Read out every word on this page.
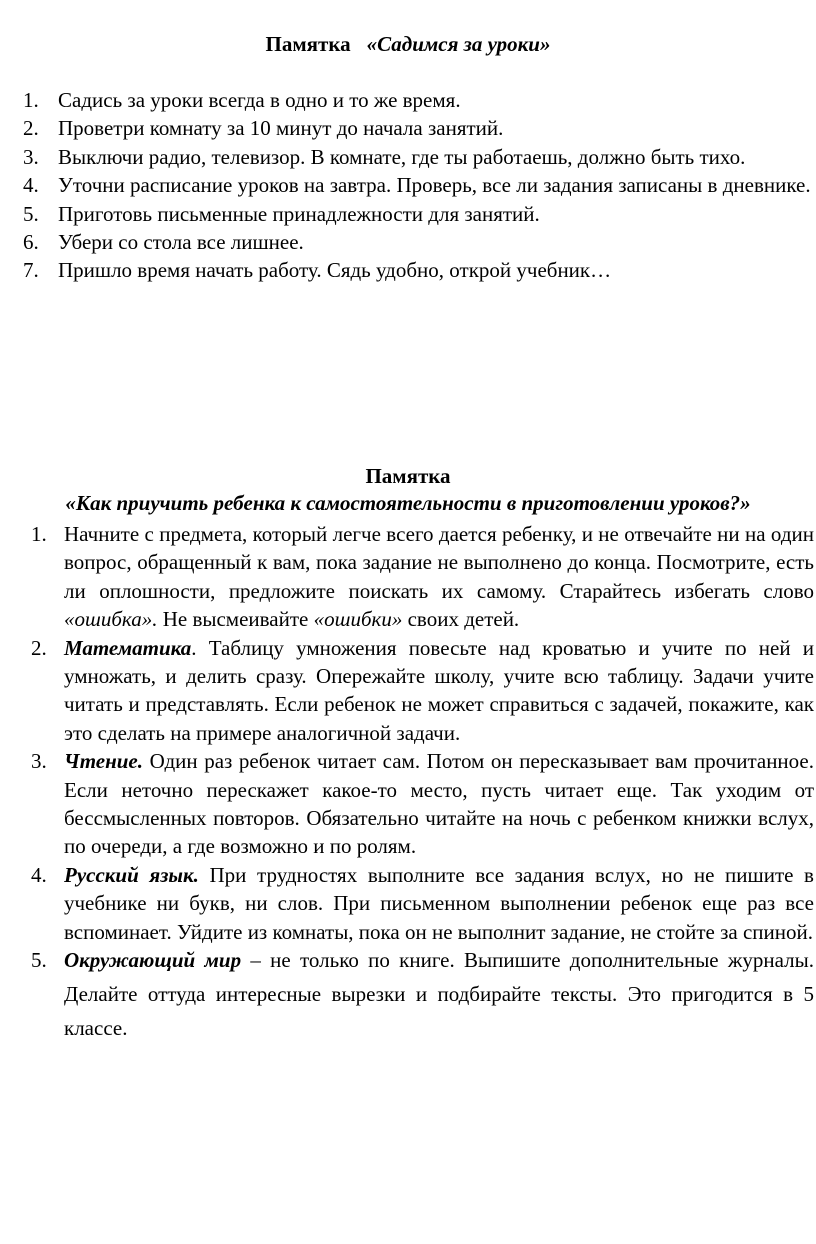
Памятка «Садимся за уроки»
1. Садись за уроки всегда в одно и то же время.
2. Проветри комнату за 10 минут до начала занятий.
3. Выключи радио, телевизор. В комнате, где ты работаешь, должно быть тихо.
4. Уточни расписание уроков на завтра. Проверь, все ли задания записаны в дневнике.
5. Приготовь письменные принадлежности для занятий.
6. Убери со стола все лишнее.
7. Пришло время начать работу. Сядь удобно, открой учебник…
Памятка
«Как приучить ребенка к самостоятельности в приготовлении уроков?»
1. Начните с предмета, который легче всего дается ребенку, и не отвечайте ни на один вопрос, обращенный к вам, пока задание не выполнено до конца. Посмотрите, есть ли оплошности, предложите поискать их самому. Старайтесь избегать слово «ошибка». Не высмеивайте «ошибки» своих детей.
2. Математика. Таблицу умножения повесьте над кроватью и учите по ней и умножать, и делить сразу. Опережайте школу, учите всю таблицу. Задачи учите читать и представлять. Если ребенок не может справиться с задачей, покажите, как это сделать на примере аналогичной задачи.
3. Чтение. Один раз ребенок читает сам. Потом он пересказывает вам прочитанное. Если неточно перескажет какое-то место, пусть читает еще. Так уходим от бессмысленных повторов. Обязательно читайте на ночь с ребенком книжки вслух, по очереди, а где возможно и по ролям.
4. Русский язык. При трудностях выполните все задания вслух, но не пишите в учебнике ни букв, ни слов. При письменном выполнении ребенок еще раз все вспоминает. Уйдите из комнаты, пока он не выполнит задание, не стойте за спиной.
5. Окружающий мир – не только по книге. Выпишите дополнительные журналы. Делайте оттуда интересные вырезки и подбирайте тексты. Это пригодится в 5 классе.
